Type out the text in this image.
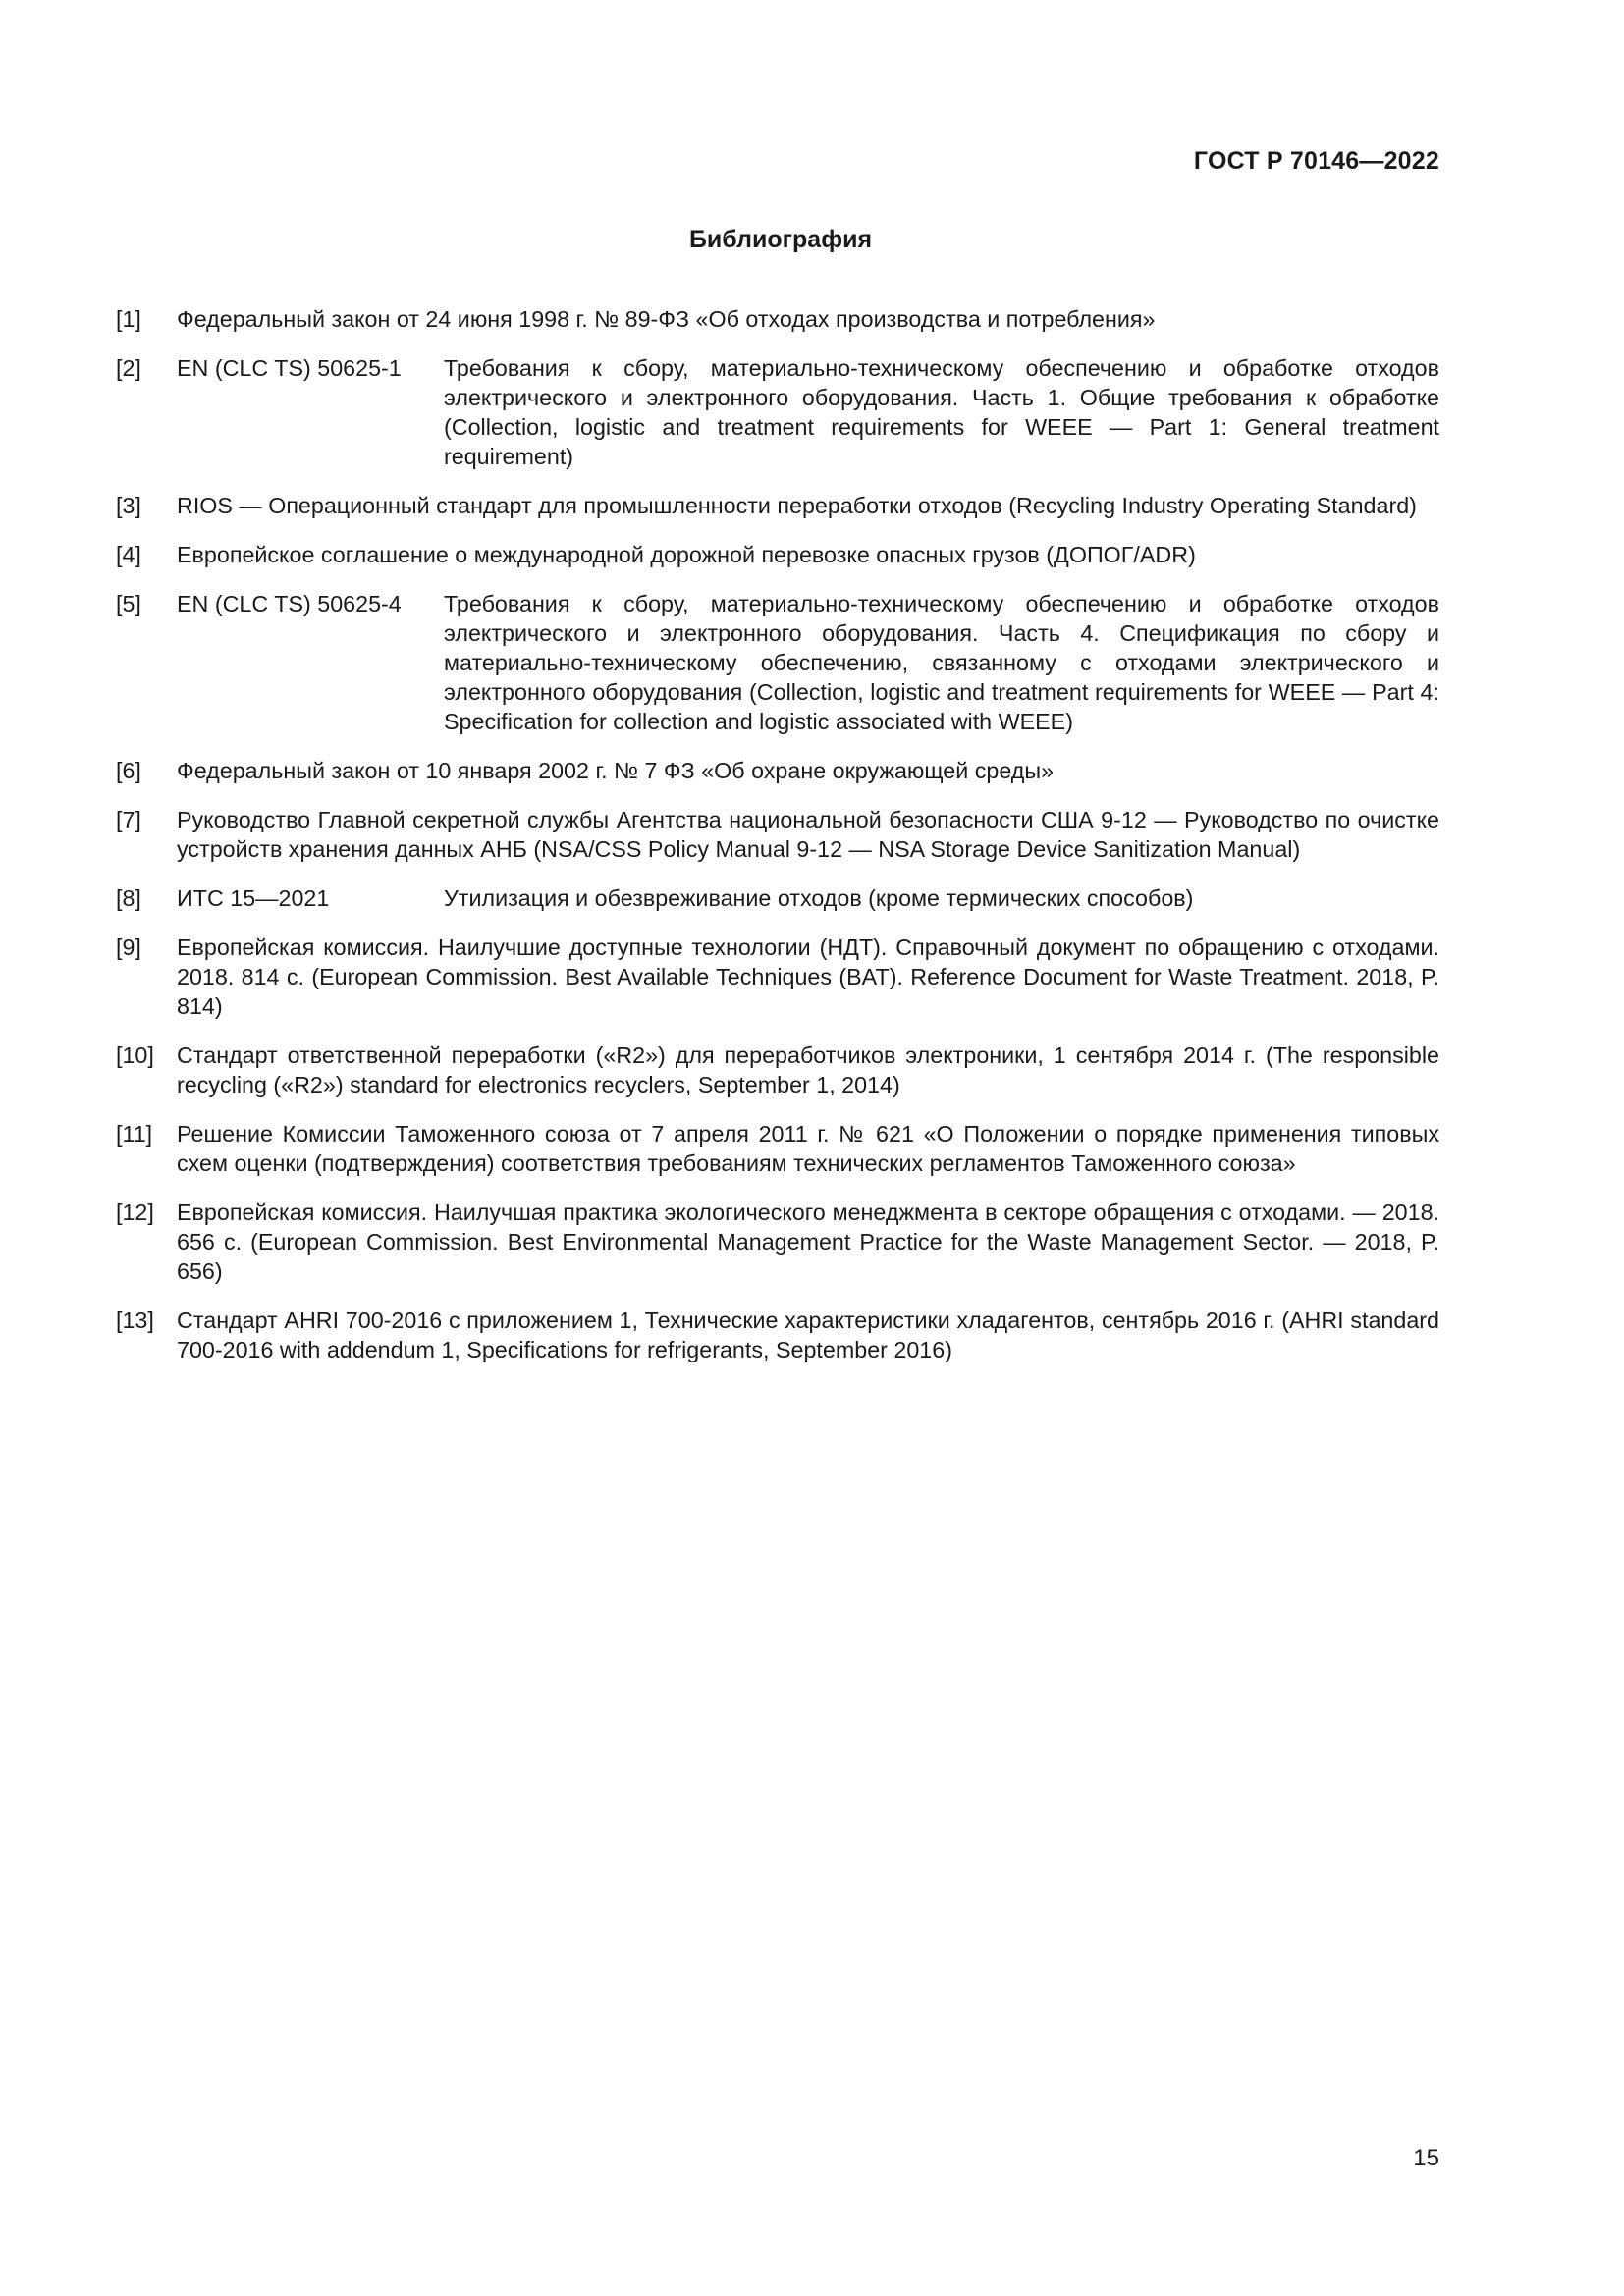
ГОСТ Р 70146—2022
Библиография
[1]	Федеральный закон от 24 июня 1998 г. № 89-ФЗ «Об отходах производства и потребления»
[2]	EN (CLC TS) 50625-1	Требования к сбору, материально-техническому обеспечению и обработке отходов электрического и электронного оборудования. Часть 1. Общие требования к обработке (Collection, logistic and treatment requirements for WEEE — Part 1: General treatment requirement)
[3]	RIOS — Операционный стандарт для промышленности переработки отходов (Recycling Industry Operating Standard)
[4]	Европейское соглашение о международной дорожной перевозке опасных грузов (ДОПОГ/ADR)
[5]	EN (CLC TS) 50625-4	Требования к сбору, материально-техническому обеспечению и обработке отходов электрического и электронного оборудования. Часть 4. Спецификация по сбору и материально-техническому обеспечению, связанному с отходами электрического и электронного оборудования (Collection, logistic and treatment requirements for WEEE — Part 4: Specification for collection and logistic associated with WEEE)
[6]	Федеральный закон от 10 января 2002 г. № 7 ФЗ «Об охране окружающей среды»
[7]	Руководство Главной секретной службы Агентства национальной безопасности США 9-12 — Руководство по очистке устройств хранения данных АНБ (NSA/CSS Policy Manual 9-12 — NSA Storage Device Sanitization Manual)
[8]	ИТС 15—2021	Утилизация и обезвреживание отходов (кроме термических способов)
[9]	Европейская комиссия. Наилучшие доступные технологии (НДТ). Справочный документ по обращению с отходами. 2018. 814 с. (European Commission. Best Available Techniques (BAT). Reference Document for Waste Treatment. 2018, P. 814)
[10] Стандарт ответственной переработки («R2») для переработчиков электроники, 1 сентября 2014 г. (The responsible recycling («R2») standard for electronics recyclers, September 1, 2014)
[11]	Решение Комиссии Таможенного союза от 7 апреля 2011 г. № 621 «О Положении о порядке применения типовых схем оценки (подтверждения) соответствия требованиям технических регламентов Таможенного союза»
[12] Европейская комиссия. Наилучшая практика экологического менеджмента в секторе обращения с отходами. — 2018. 656 с. (European Commission. Best Environmental Management Practice for the Waste Management Sector. — 2018, P. 656)
[13] Стандарт AHRI 700-2016 с приложением 1, Технические характеристики хладагентов, сентябрь 2016 г. (AHRI standard 700-2016 with addendum 1, Specifications for refrigerants, September 2016)
15
